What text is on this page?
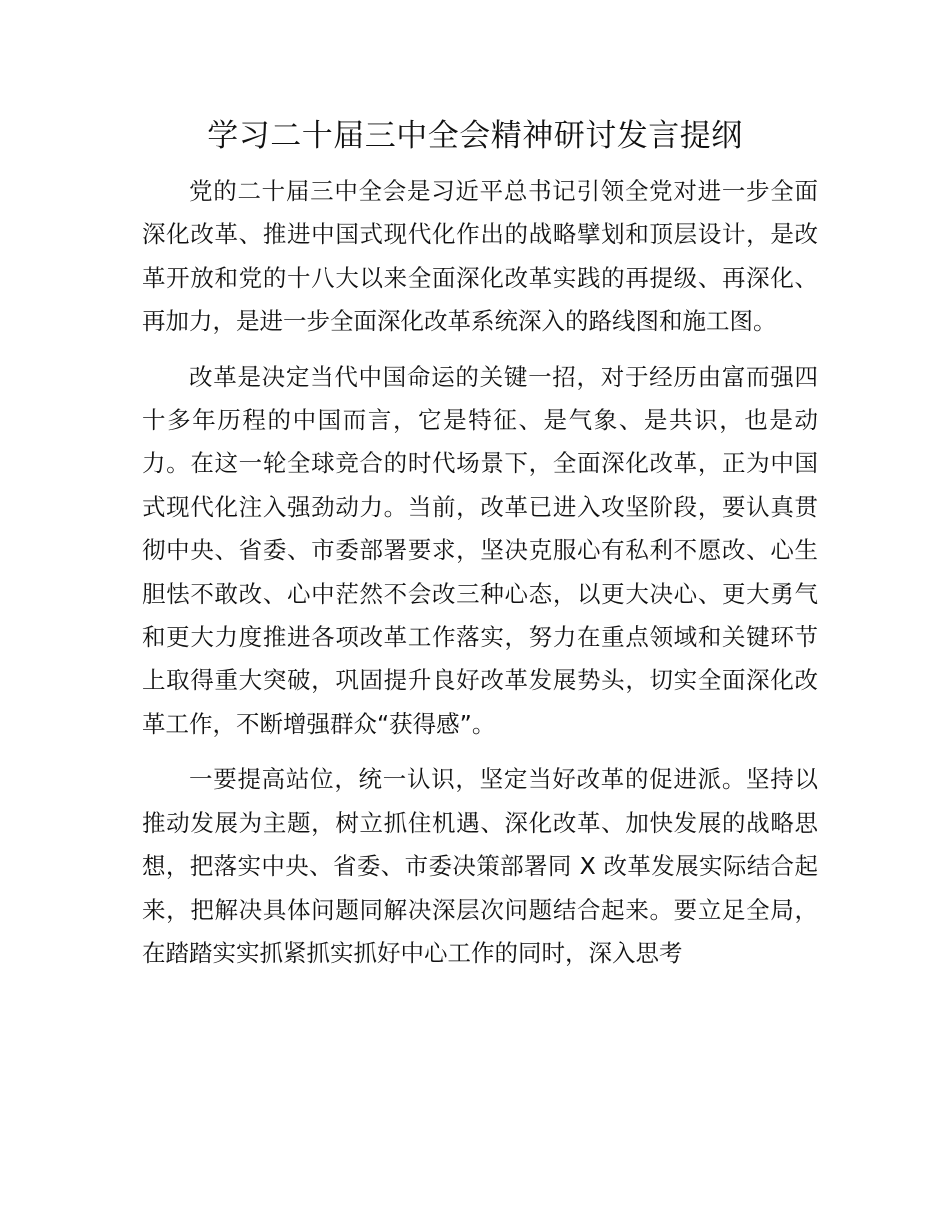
学习二十届三中全会精神研讨发言提纲

党的二十届三中全会是习近平总书记引领全党对进一步全面深化改革、推进中国式现代化作出的战略擘划和顶层设计，是改革开放和党的十八大以来全面深化改革实践的再提级、再深化、再加力，是进一步全面深化改革系统深入的路线图和施工图。

改革是决定当代中国命运的关键一招，对于经历由富而强四十多年历程的中国而言，它是特征、是气象、是共识，也是动力。在这一轮全球竞合的时代场景下，全面深化改革，正为中国式现代化注入强劲动力。当前，改革已进入攻坚阶段，要认真贯彻中央、省委、市委部署要求，坚决克服心有私利不愿改、心生胆怯不敢改、心中茫然不会改三种心态，以更大决心、更大勇气和更大力度推进各项改革工作落实，努力在重点领域和关键环节上取得重大突破，巩固提升良好改革发展势头，切实全面深化改革工作，不断增强群众“获得感”。

一要提高站位，统一认识，坚定当好改革的促进派。坚持以推动发展为主题，树立抓住机遇、深化改革、加快发展的战略思想，把落实中央、省委、市委决策部署同 X 改革发展实际结合起来，把解决具体问题同解决深层次问题结合起来。要立足全局，在踏踏实实抓紧抓实抓好中心工作的同时，深入思考
